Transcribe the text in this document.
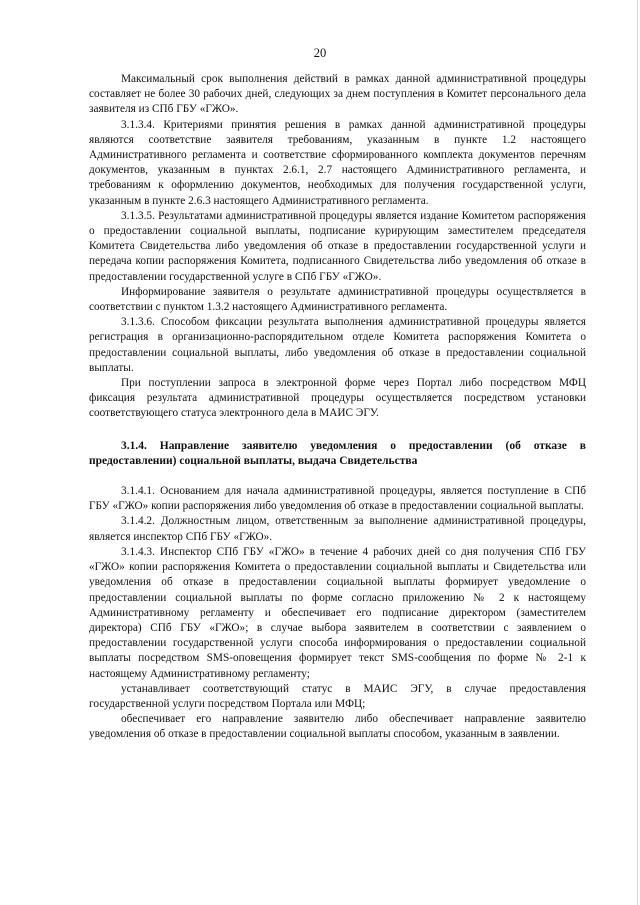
20

Максимальный срок выполнения действий в рамках данной административной процедуры составляет не более 30 рабочих дней, следующих за днем поступления в Комитет персонального дела заявителя из СПб ГБУ «ГЖО».

3.1.3.4. Критериями принятия решения в рамках данной административной процедуры являются соответствие заявителя требованиям, указанным в пункте 1.2 настоящего Административного регламента и соответствие сформированного комплекта документов перечням документов, указанным в пунктах 2.6.1, 2.7 настоящего Административного регламента, и требованиям к оформлению документов, необходимых для получения государственной услуги, указанным в пункте 2.6.3 настоящего Административного регламента.

3.1.3.5. Результатами административной процедуры является издание Комитетом распоряжения о предоставлении социальной выплаты, подписание курирующим заместителем председателя Комитета Свидетельства либо уведомления об отказе в предоставлении государственной услуги и передача копии распоряжения Комитета, подписанного Свидетельства либо уведомления об отказе в предоставлении государственной услуге в СПб ГБУ «ГЖО».

Информирование заявителя о результате административной процедуры осуществляется в соответствии с пунктом 1.3.2 настоящего Административного регламента.

3.1.3.6. Способом фиксации результата выполнения административной процедуры является регистрация в организационно-распорядительном отделе Комитета распоряжения Комитета о предоставлении социальной выплаты, либо уведомления об отказе в предоставлении социальной выплаты.

При поступлении запроса в электронной форме через Портал либо посредством МФЦ фиксация результата административной процедуры осуществляется посредством установки соответствующего статуса электронного дела в МАИС ЭГУ.

3.1.4. Направление заявителю уведомления о предоставлении (об отказе в предоставлении) социальной выплаты, выдача Свидетельства

3.1.4.1. Основанием для начала административной процедуры, является поступление в СПб ГБУ «ГЖО» копии распоряжения либо уведомления об отказе в предоставлении социальной выплаты.

3.1.4.2. Должностным лицом, ответственным за выполнение административной процедуры, является инспектор СПб ГБУ «ГЖО».

3.1.4.3. Инспектор СПб ГБУ «ГЖО» в течение 4 рабочих дней со дня получения СПб ГБУ «ГЖО» копии распоряжения Комитета о предоставлении социальной выплаты и Свидетельства или уведомления об отказе в предоставлении социальной выплаты формирует уведомление о предоставлении социальной выплаты по форме согласно приложению № 2 к настоящему Административному регламенту и обеспечивает его подписание директором (заместителем директора) СПб ГБУ «ГЖО»; в случае выбора заявителем в соответствии с заявлением о предоставлении государственной услуги способа информирования о предоставлении социальной выплаты посредством SMS-оповещения формирует текст SMS-сообщения по форме № 2-1 к настоящему Административному регламенту;

устанавливает соответствующий статус в МАИС ЭГУ, в случае предоставления государственной услуги посредством Портала или МФЦ;

обеспечивает его направление заявителю либо обеспечивает направление заявителю уведомления об отказе в предоставлении социальной выплаты способом, указанным в заявлении.
